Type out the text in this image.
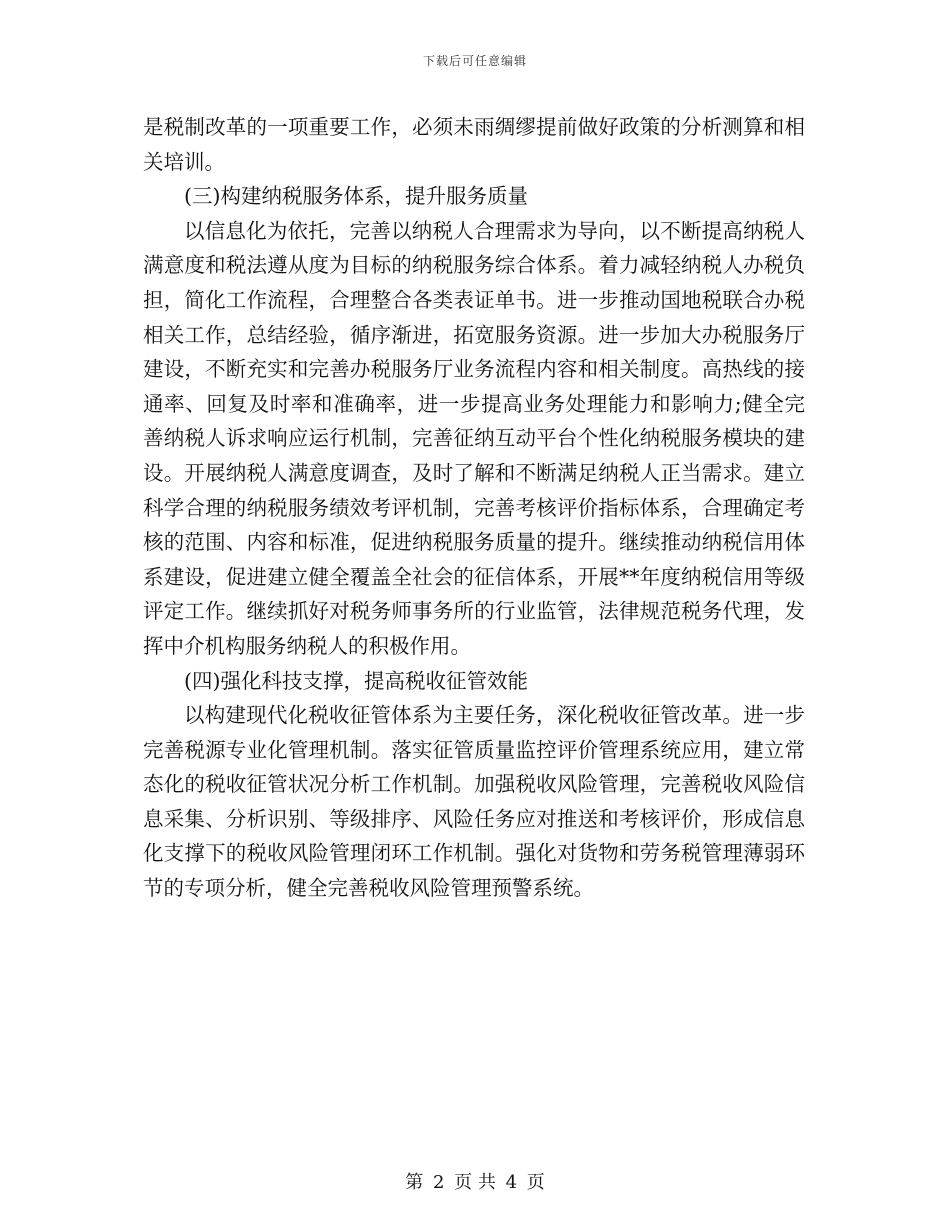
下载后可任意编辑

是税制改革的一项重要工作，必须未雨绸缪提前做好政策的分析测算和相关培训。

(三)构建纳税服务体系，提升服务质量

以信息化为依托，完善以纳税人合理需求为导向，以不断提高纳税人满意度和税法遵从度为目标的纳税服务综合体系。着力减轻纳税人办税负担，简化工作流程，合理整合各类表证单书。进一步推动国地税联合办税相关工作，总结经验，循序渐进，拓宽服务资源。进一步加大办税服务厅建设，不断充实和完善办税服务厅业务流程内容和相关制度。高热线的接通率、回复及时率和准确率，进一步提高业务处理能力和影响力;健全完善纳税人诉求响应运行机制，完善征纳互动平台个性化纳税服务模块的建设。开展纳税人满意度调查，及时了解和不断满足纳税人正当需求。建立科学合理的纳税服务绩效考评机制，完善考核评价指标体系，合理确定考核的范围、内容和标准，促进纳税服务质量的提升。继续推动纳税信用体系建设，促进建立健全覆盖全社会的征信体系，开展**年度纳税信用等级评定工作。继续抓好对税务师事务所的行业监管，法律规范税务代理，发挥中介机构服务纳税人的积极作用。

(四)强化科技支撑，提高税收征管效能

以构建现代化税收征管体系为主要任务，深化税收征管改革。进一步完善税源专业化管理机制。落实征管质量监控评价管理系统应用，建立常态化的税收征管状况分析工作机制。加强税收风险管理，完善税收风险信息采集、分析识别、等级排序、风险任务应对推送和考核评价，形成信息化支撑下的税收风险管理闭环工作机制。强化对货物和劳务税管理薄弱环节的专项分析，健全完善税收风险管理预警系统。

第 2 页 共 4 页
